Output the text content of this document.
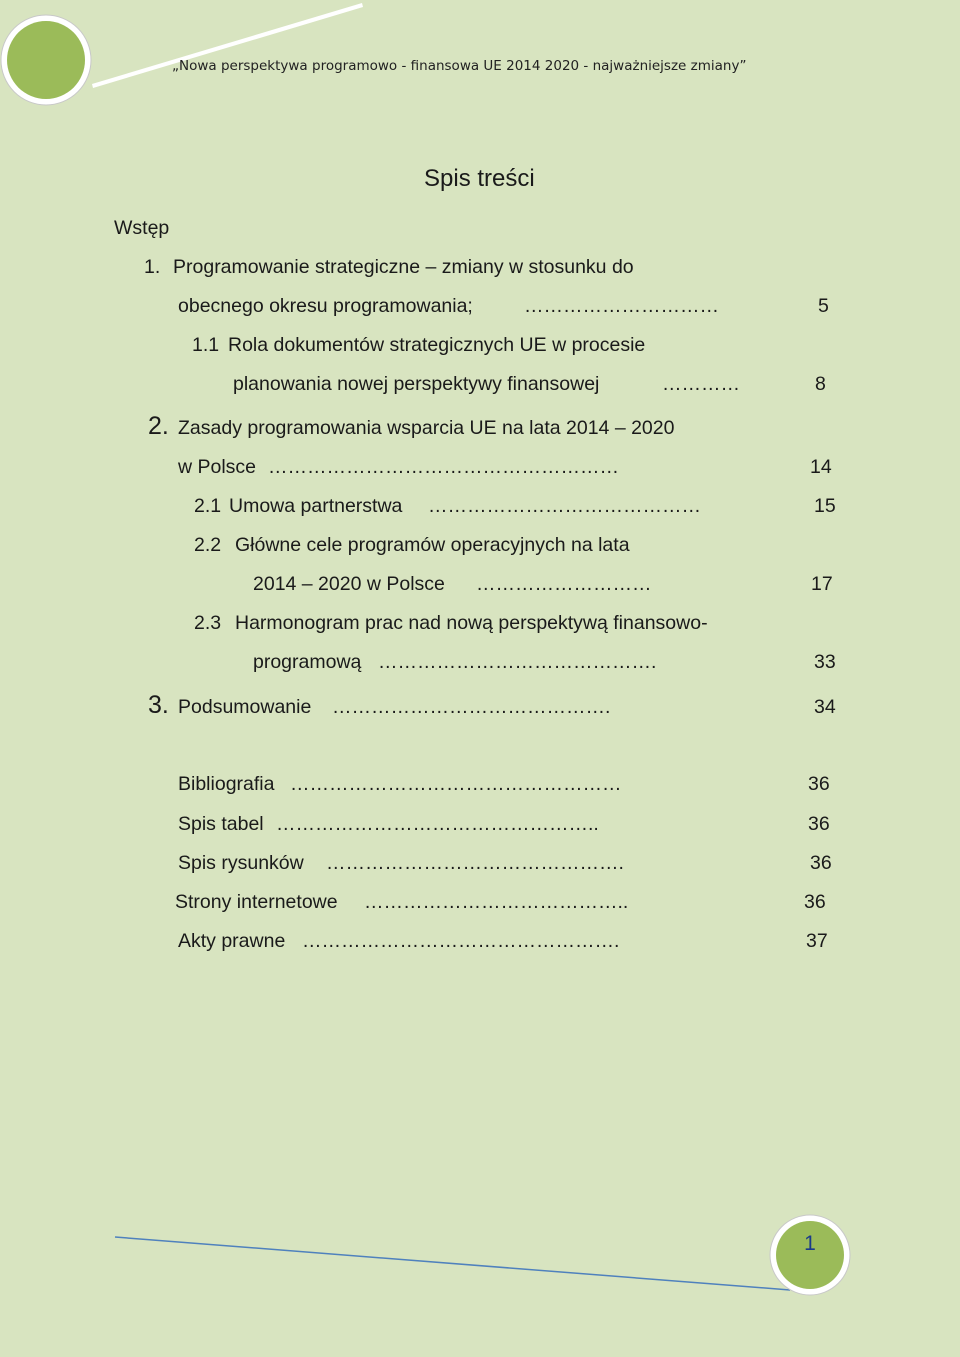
„Nowa perspektywa programowo - finansowa UE 2014 2020 - najważniejsze zmiany”
Spis treści
Wstęp
1. Programowanie strategiczne – zmiany w stosunku do
obecnego okresu programowania;	…………………………	5
1.1 Rola dokumentów strategicznych UE w procesie
planowania nowej perspektywy finansowej	…………	8
2. Zasady programowania wsparcia UE na lata 2014 – 2020
w Polsce ………………………………………………	14
2.1 Umowa partnerstwa ……………………………………	15
2.2 Główne cele programów operacyjnych na lata
2014 – 2020 w Polsce ………………………	17
2.3 Harmonogram prac nad nową perspektywą finansowo-
programową …………………………………….	33
3. Podsumowanie …………………………………….	34
Bibliografia ……………………………………………	36
Spis tabel …………………………………………..	36
Spis rysunków ……………………………………….	36
Strony internetowe …………………………………..	36
Akty prawne ………………………………………….	37
1
